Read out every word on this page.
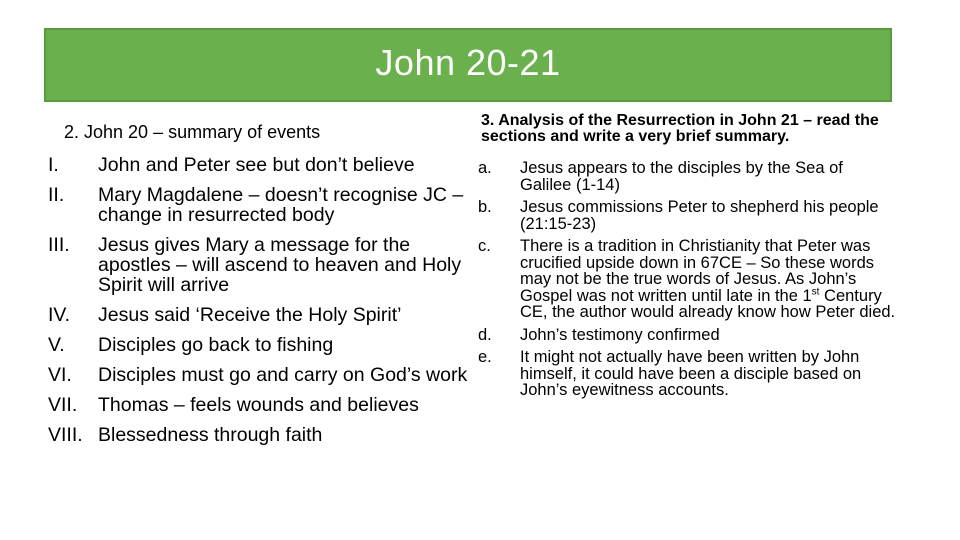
John 20-21
2. John 20 – summary of events
I. John and Peter see but don’t believe
II. Mary Magdalene – doesn’t recognise JC –change in resurrected body
III. Jesus gives Mary a message for the apostles – will ascend to heaven and Holy Spirit will arrive
IV. Jesus said ‘Receive the Holy Spirit’
V. Disciples go back to fishing
VI. Disciples must go and carry on God’s work
VII. Thomas – feels wounds and believes
VIII. Blessedness through faith
3. Analysis of the Resurrection in John 21 – read the sections and write a very brief summary.
a. Jesus appears to the disciples by the Sea of Galilee (1-14)
b. Jesus commissions Peter to shepherd his people (21:15-23)
c. There is a tradition in Christianity that Peter was crucified upside down in 67CE – So these words may not be the true words of Jesus. As John’s Gospel was not written until late in the 1st Century CE, the author would already know how Peter died.
d. John’s testimony confirmed
e. It might not actually have been written by John himself, it could have been a disciple based on John’s eyewitness accounts.
